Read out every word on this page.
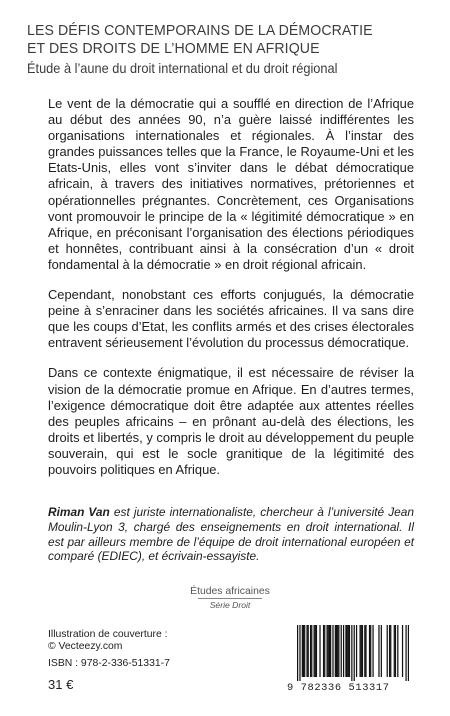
LES DÉFIS CONTEMPORAINS DE LA DÉMOCRATIE
ET DES DROITS DE L’HOMME EN AFRIQUE
Étude à l’aune du droit international et du droit régional

Le vent de la démocratie qui a soufflé en direction de l’Afrique au début des années 90, n’a guère laissé indifférentes les organisations internationales et régionales. À l’instar des grandes puissances telles que la France, le Royaume-Uni et les Etats-Unis, elles vont s’inviter dans le débat démocratique africain, à travers des initiatives normatives, prétoriennes et opérationnelles prégnantes. Concrètement, ces Organisations vont promouvoir le principe de la « légitimité démocratique » en Afrique, en préconisant l’organisation des élections périodiques et honnêtes, contribuant ainsi à la consécration d’un « droit fondamental à la démocratie » en droit régional africain.

Cependant, nonobstant ces efforts conjugués, la démocratie peine à s’enraciner dans les sociétés africaines. Il va sans dire que les coups d’Etat, les conflits armés et des crises électorales entravent sérieusement l’évolution du processus démocratique.

Dans ce contexte énigmatique, il est nécessaire de réviser la vision de la démocratie promue en Afrique. En d’autres termes, l’exigence démocratique doit être adaptée aux attentes réelles des peuples africains – en prônant au-delà des élections, les droits et libertés, y compris le droit au développement du peuple souverain, qui est le socle granitique de la légitimité des pouvoirs politiques en Afrique.

Riman Van est juriste internationaliste, chercheur à l’université Jean Moulin-Lyon 3, chargé des enseignements en droit international. Il est par ailleurs membre de l’équipe de droit international européen et comparé (EDIEC), et écrivain-essayiste.
Études africaines
Série Droit
Illustration de couverture :
© Vecteezy.com
ISBN : 978-2-336-51331-7
31 €	9 782336 513317
